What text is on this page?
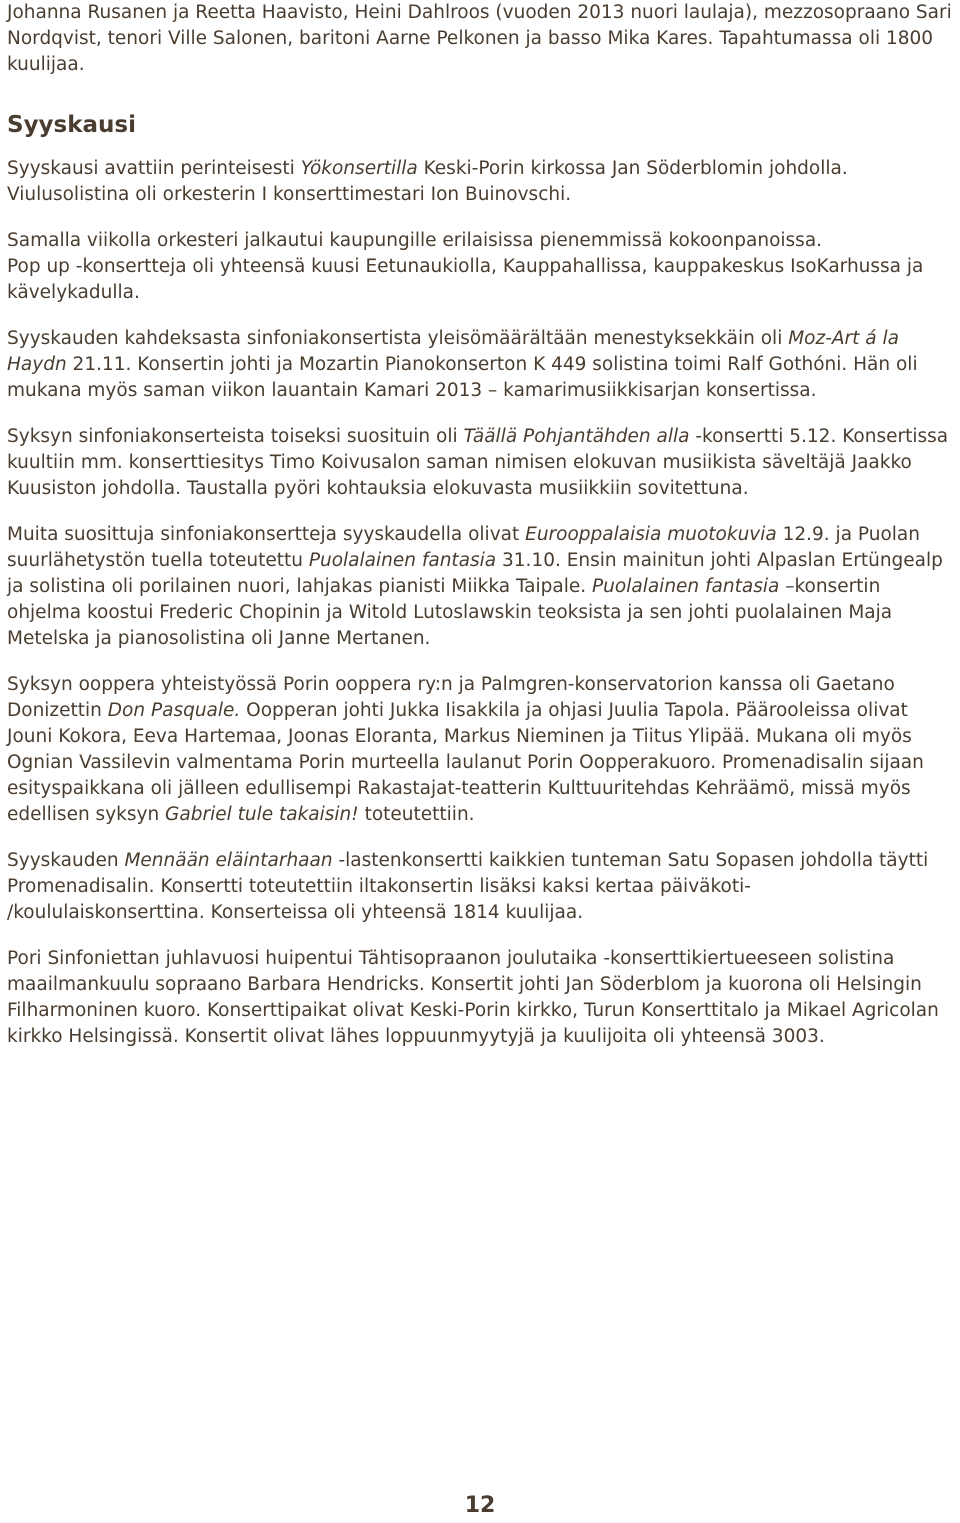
Johanna Rusanen ja Reetta Haavisto, Heini Dahlroos (vuoden 2013 nuori laulaja), mezzosopraano Sari Nordqvist, tenori Ville Salonen, baritoni Aarne Pelkonen ja basso Mika Kares. Tapahtumassa oli 1800 kuulijaa.

Syyskausi

Syyskausi avattiin perinteisesti Yökonsertilla Keski-Porin kirkossa Jan Söderblomin johdolla. Viulusolistina oli orkesterin I konserttimestari Ion Buinovschi.

Samalla viikolla orkesteri jalkautui kaupungille erilaisissa pienemmissä kokoonpanoissa.

Pop up -konsertteja oli yhteensä kuusi Eetunaukiolla, Kauppahallissa, kauppakeskus IsoKarhussa ja kävelykadulla.

Syyskauden kahdeksasta sinfoniakonsertista yleisömäärältään menestyksekkäin oli Moz-Art á la Haydn 21.11. Konsertin johti ja Mozartin Pianokonserton K 449 solistina toimi Ralf Gothóni. Hän oli mukana myös saman viikon lauantain Kamari 2013 – kamarimusiikkisarjan konsertissa.

Syksyn sinfoniakonserteista toiseksi suosituin oli Täällä Pohjantähden alla -konsertti 5.12. Konsertissa kuultiin mm. konserttiesitys Timo Koivusalon saman nimisen elokuvan musiikista säveltäjä Jaakko Kuusiston johdolla. Taustalla pyöri kohtauksia elokuvasta musiikkiin sovitettuna.

Muita suosittuja sinfoniakonsertteja syyskaudella olivat Eurooppalaisia muotokuvia 12.9. ja Puolan suurlähetystön tuella toteutettu Puolalainen fantasia 31.10. Ensin mainitun johti Alpaslan Ertüngealp ja solistina oli porilainen nuori, lahjakas pianisti Miikka Taipale. Puolalainen fantasia –konsertin ohjelma koostui Frederic Chopinin ja Witold Lutoslawskin teoksista ja sen johti puolalainen Maja Metelska ja pianosolistina oli Janne Mertanen.

Syksyn ooppera yhteistyössä Porin ooppera ry:n ja Palmgren-konservatorion kanssa oli Gaetano Donizettin Don Pasquale. Oopperan johti Jukka Iisakkila ja ohjasi Juulia Tapola. Päärooleissa olivat Jouni Kokora, Eeva Hartemaa, Joonas Eloranta, Markus Nieminen ja Tiitus Ylipää. Mukana oli myös Ognian Vassilevin valmentama Porin murteella laulanut Porin Oopperakuoro. Promenadisalin sijaan esityspaikkana oli jälleen edullisempi Rakastajat-teatterin Kulttuuritehdas Kehräämö, missä myös edellisen syksyn Gabriel tule takaisin! toteutettiin.

Syyskauden Mennään eläintarhaan -lastenkonsertti kaikkien tunteman Satu Sopasen johdolla täytti Promenadisalin. Konsertti toteutettiin iltakonsertin lisäksi kaksi kertaa päiväkoti- /koululaiskonserttina. Konserteissa oli yhteensä 1814 kuulijaa.

Pori Sinfoniettan juhlavuosi huipentui Tähtisopraanon joulutaika -konserttikiertueeseen solistina maailmankuulu sopraano Barbara Hendricks. Konsertit johti Jan Söderblom ja kuorona oli Helsingin Filharmoninen kuoro. Konserttipaikat olivat Keski-Porin kirkko, Turun Konserttitalo ja Mikael Agricolan kirkko Helsingissä. Konsertit olivat lähes loppuunmyytyjä ja kuulijoita oli yhteensä 3003.

12
